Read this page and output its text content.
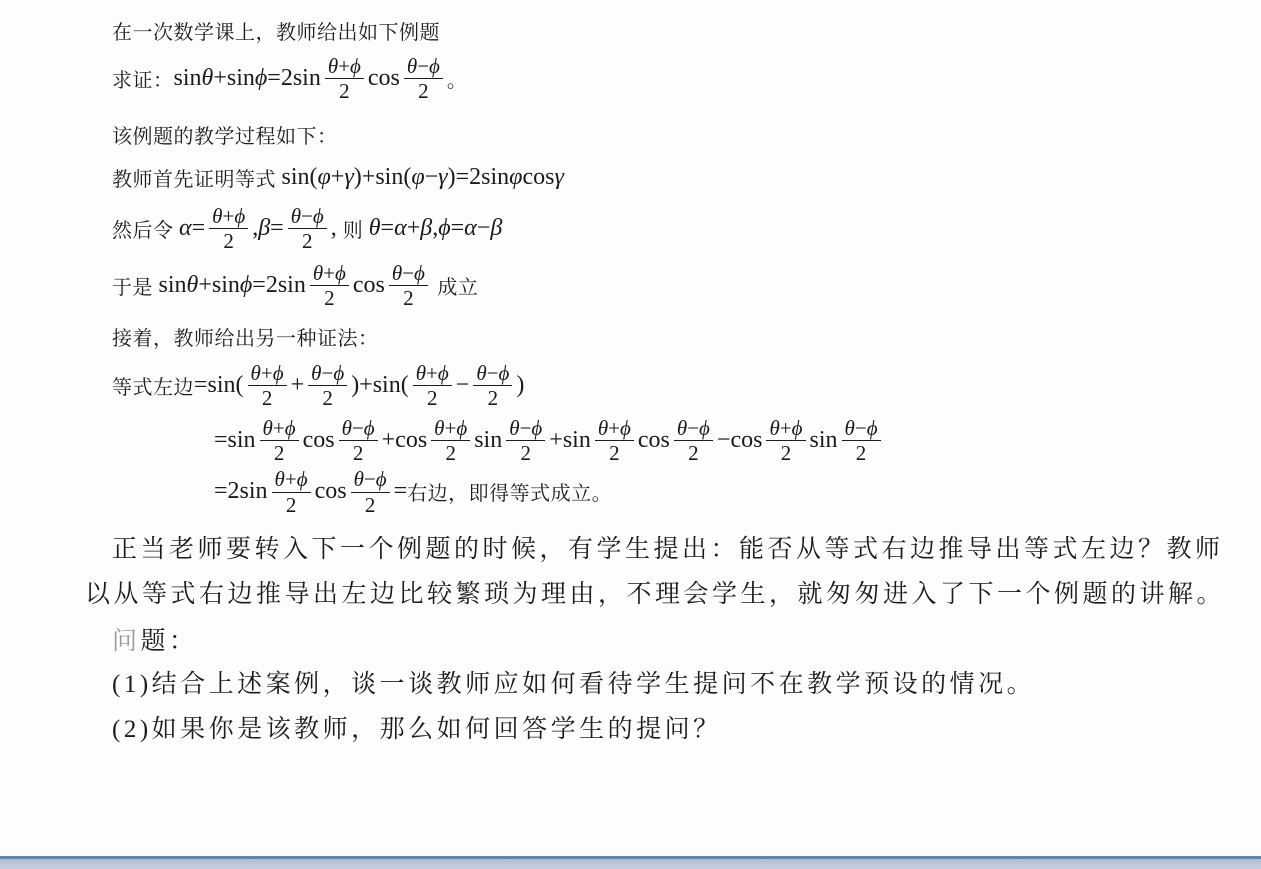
在一次数学课上，教师给出如下例题
求证：$\sin\theta+\sin\phi=2\sin \frac{\theta+\phi}{2}$ $\cos \frac{\theta-\phi}{2}$ 。
该例题的教学过程如下：
教师首先证明等式 sin(φ+γ)+sin(φ−γ)=2sinφcosγ
然后令 $\alpha= \frac{\theta+\phi}{2} ,\beta= \frac{\theta-\phi}{2}$ , 则 θ=α+β,ϕ=α−β
于是 $\sin\theta+\sin\phi=2\sin \frac{\theta+\phi}{2}$ $\cos \frac{\theta-\phi}{2}$ 成立
接着，教师给出另一种证法：
等式左边$=\sin( \frac{\theta+\phi}{2} + \frac{\theta-\phi}{2} )+\sin( \frac{\theta+\phi}{2} - \frac{\theta-\phi}{2}$ )
$=\sin \frac{\theta+\phi}{2}$ $\cos \frac{\theta-\phi}{2} +\cos \frac{\theta+\phi}{2}$ $\sin \frac{\theta-\phi}{2} +\sin \frac{\theta+\phi}{2}$ $\cos \frac{\theta-\phi}{2} -\cos \frac{\theta+\phi}{2}$ $\sin \frac{\theta-\phi}{2}$
$=2\sin \frac{\theta+\phi}{2}$ $\cos \frac{\theta-\phi}{2}$ =右边，即得等式成立。
正当老师要转入下一个例题的时候，有学生提出：能否从等式右边推导出等式左边？教师
以从等式右边推导出左边比较繁琐为理由，不理会学生，就匆匆进入了下一个例题的讲解。
问题：
(1)结合上述案例，谈一谈教师应如何看待学生提问不在教学预设的情况。
(2)如果你是该教师，那么如何回答学生的提问？
